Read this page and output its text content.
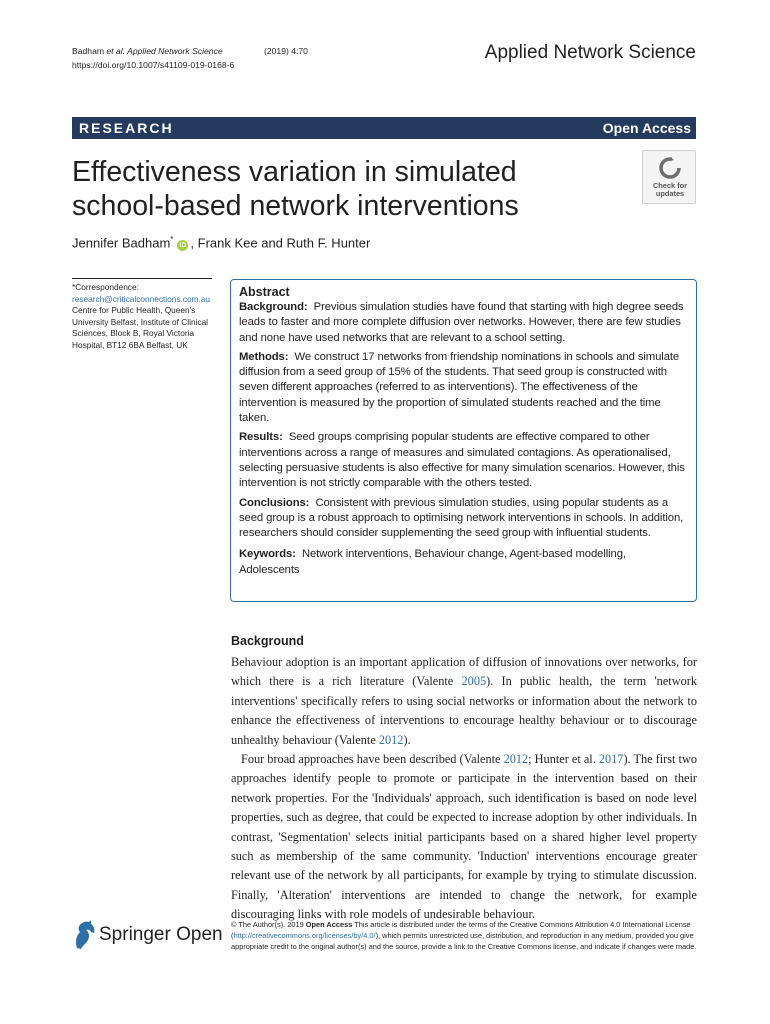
Badham et al. Applied Network Science	(2019) 4:70
https://doi.org/10.1007/s41109-019-0168-6
Applied Network Science
RESEARCH	Open Access
Effectiveness variation in simulated school-based network interventions
Check for
updates
Jennifer Badham*iD , Frank Kee and Ruth F. Hunter
*Correspondence:
research@criticalconnections.com.au
Centre for Public Health, Queen's University Belfast, Institute of Clinical Sciences, Block B, Royal Victoria Hospital, BT12 6BA Belfast, UK
Abstract

Background: Previous simulation studies have found that starting with high degree seeds leads to faster and more complete diffusion over networks. However, there are few studies and none have used networks that are relevant to a school setting.

Methods: We construct 17 networks from friendship nominations in schools and simulate diffusion from a seed group of 15% of the students. That seed group is constructed with seven different approaches (referred to as interventions). The effectiveness of the intervention is measured by the proportion of simulated students reached and the time taken.

Results: Seed groups comprising popular students are effective compared to other interventions across a range of measures and simulated contagions. As operationalised, selecting persuasive students is also effective for many simulation scenarios. However, this intervention is not strictly comparable with the others tested.

Conclusions: Consistent with previous simulation studies, using popular students as a seed group is a robust approach to optimising network interventions in schools. In addition, researchers should consider supplementing the seed group with influential students.

Keywords: Network interventions, Behaviour change, Agent-based modelling, Adolescents

Background

Behaviour adoption is an important application of diffusion of innovations over networks, for which there is a rich literature (Valente 2005). In public health, the term 'network interventions' specifically refers to using social networks or information about the network to enhance the effectiveness of interventions to encourage healthy behaviour or to discourage unhealthy behaviour (Valente 2012).

Four broad approaches have been described (Valente 2012; Hunter et al. 2017). The first two approaches identify people to promote or participate in the intervention based on their network properties. For the 'Individuals' approach, such identification is based on node level properties, such as degree, that could be expected to increase adoption by other individuals. In contrast, 'Segmentation' selects initial participants based on a shared higher level property such as membership of the same community. 'Induction' interventions encourage greater relevant use of the network by all participants, for example by trying to stimulate discussion. Finally, 'Alteration' interventions are intended to change the network, for example discouraging links with role models of undesirable behaviour.

Springer Open © The Author(s). 2019 Open Access This article is distributed under the terms of the Creative Commons Attribution 4.0 International License (http://creativecommons.org/licenses/by/4.0/), which permits unrestricted use, distribution, and reproduction in any medium, provided you give appropriate credit to the original author(s) and the source, provide a link to the Creative Commons license, and indicate if changes were made.
